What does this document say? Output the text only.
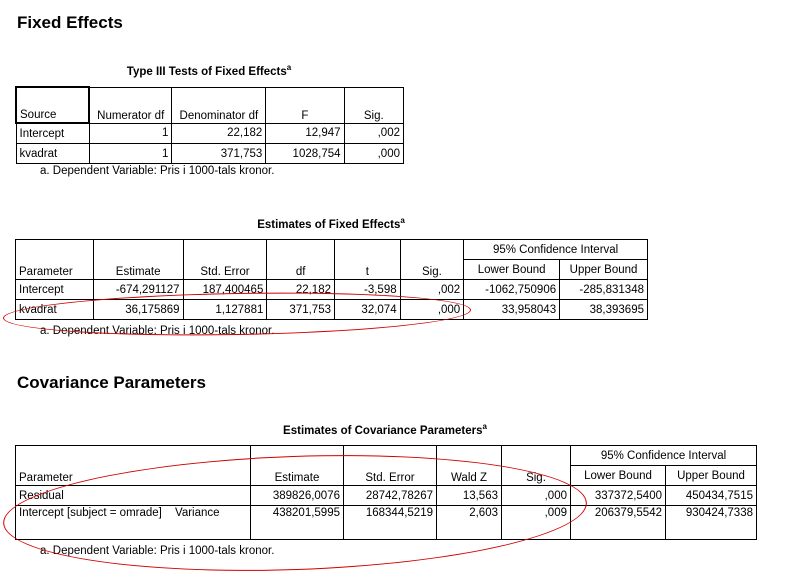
Fixed Effects
Type III Tests of Fixed Effects$^a$
Source	Numerator df	Denominator df	F	Sig.
Intercept	1	22,182	12,947	,002
kvadrat	1	371,753	1028,754	,000
a. Dependent Variable: Pris i 1000-tals kronor.
Estimates of Fixed Effects$^a$
Parameter	Estimate	Std. Error	df	t	Sig.	95% Confidence Interval	
						Lower Bound	Upper Bound
Intercept	-674,291127	187,400465	22,182	-3,598	,002	-1062,750906	-285,831348
kvadrat	36,175869	1,127881	371,753	32,074	,000	33,958043	38,393695
a. Dependent Variable: Pris i 1000-tals kronor.
Covariance Parameters
Estimates of Covariance Parameters$^a$
Parameter		Estimate	Std. Error	Wald Z	Sig.	95% Confidence Interval	
						Lower Bound	Upper Bound
Residual		389826,0076	28742,78267	13,563	,000	337372,5400	450434,7515
Intercept [subject = omrade]	Variance	438201,5995	168344,5219	2,603	,009	206379,5542	930424,7338
a. Dependent Variable: Pris i 1000-tals kronor.
